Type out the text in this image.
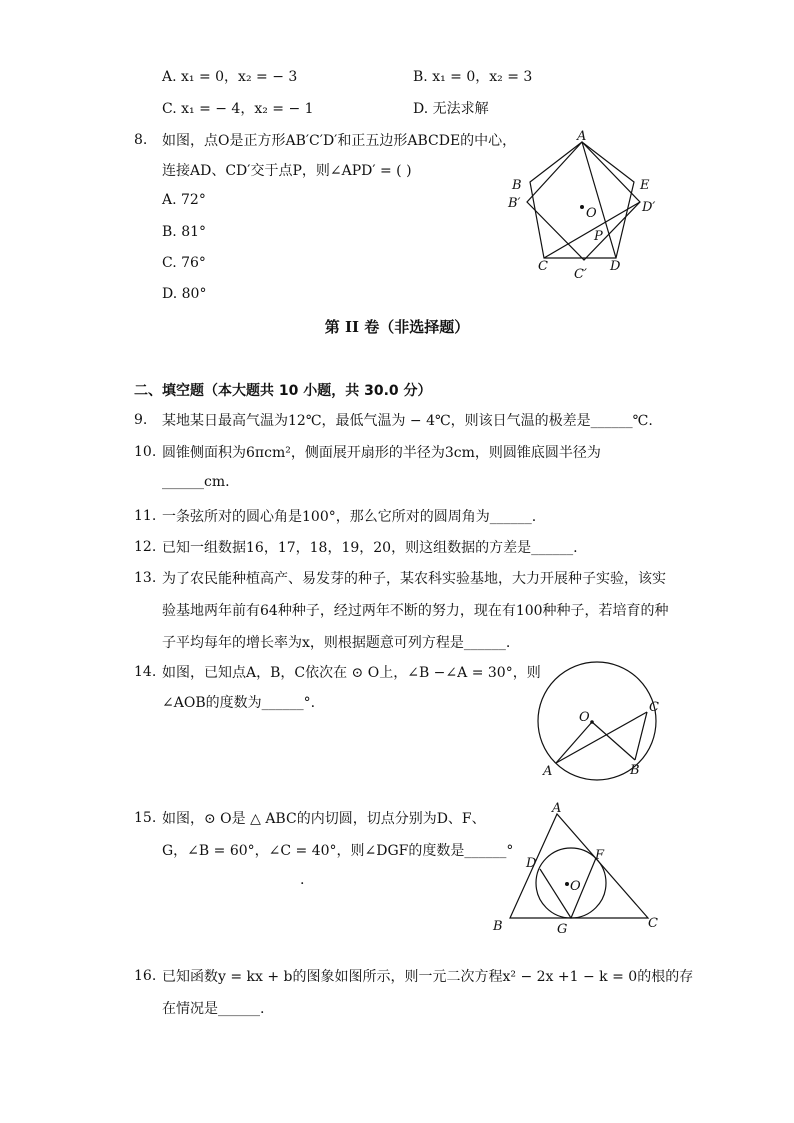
A. x₁ = 0，x₂ = − 3	B. x₁ = 0，x₂ = 3
C. x₁ = − 4，x₂ = − 1	D. 无法求解
8. 如图，点O是正方形AB′C′D′和正五边形ABCDE的中心，
连接AD、CD′交于点P，则∠APD′ = ( )
A. 72°
B. 81°
C. 76°
D. 80°
A
B
B′
E
D′
O
P
C
C′
D
第 II 卷（非选择题）
二、填空题（本大题共 10 小题，共 30.0 分）
9. 某地某日最高气温为12℃，最低气温为 − 4℃，则该日气温的极差是______℃.
10. 圆锥侧面积为6πcm²，侧面展开扇形的半径为3cm，则圆锥底圆半径为
______cm.
11. 一条弦所对的圆心角是100°，那么它所对的圆周角为______.
12. 已知一组数据16，17，18，19，20，则这组数据的方差是______.
13. 为了农民能种植高产、易发芽的种子，某农科实验基地，大力开展种子实验，该实
验基地两年前有64种种子，经过两年不断的努力，现在有100种种子，若培育的种
子平均每年的增长率为x，则根据题意可列方程是______.
14. 如图，已知点A，B，C依次在 ⊙ O上，∠B −∠A = 30°，则
∠AOB的度数为______°.
O
A	B
C
15. 如图，⊙ O是 △ ABC的内切圆，切点分别为D、F、
G，∠B = 60°，∠C = 40°，则∠DGF的度数是______°
.
A
D
F
O
B	G	C
16. 已知函数y = kx + b的图象如图所示，则一元二次方程x² − 2x +1 − k = 0的根的存
在情况是______.
